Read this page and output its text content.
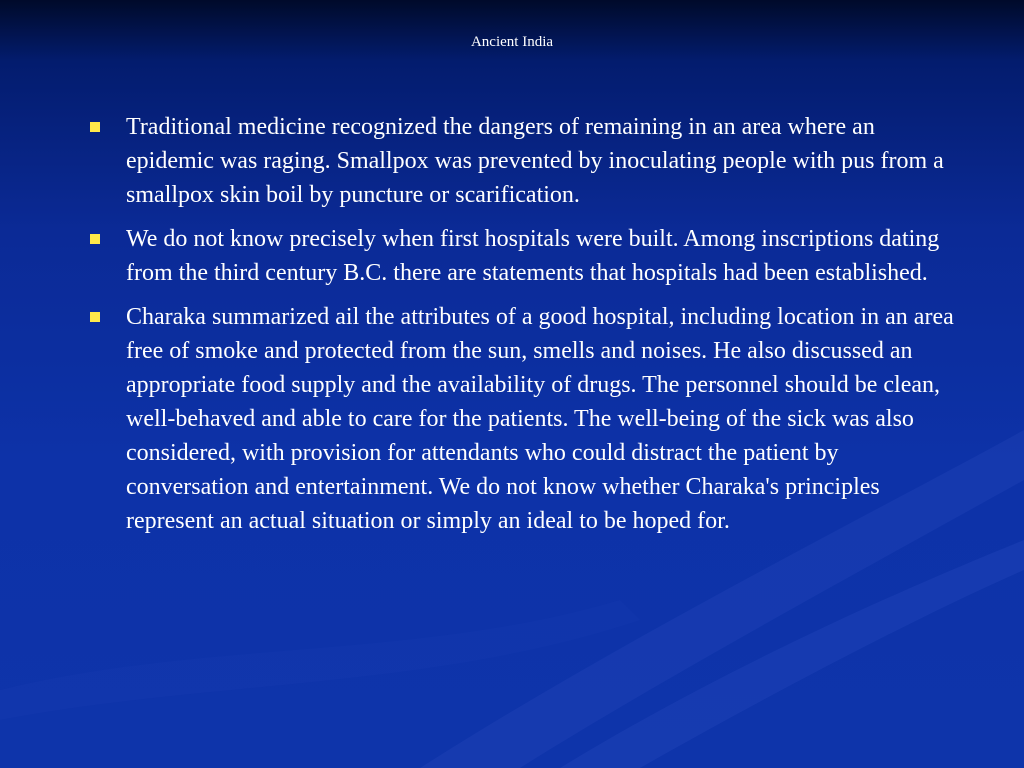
Ancient India
Traditional medicine recognized the dangers of remaining in an area where an epidemic was raging. Smallpox was prevented by inoculating people with pus from a smallpox skin boil by puncture or scarification.
We do not know precisely when first hospitals were built. Among inscriptions dating from the third century B.C. there are statements that hospitals had been established.
Charaka summarized ail the attributes of a good hospital, including location in an area free of smoke and protected from the sun, smells and noises. He also discussed an appropriate food supply and the availability of drugs. The personnel should be clean, well-behaved and able to care for the patients. The well-being of the sick was also considered, with provision for attendants who could distract the patient by conversation and entertainment. We do not know whether Charaka's principles represent an actual situation or simply an ideal to be hoped for.
